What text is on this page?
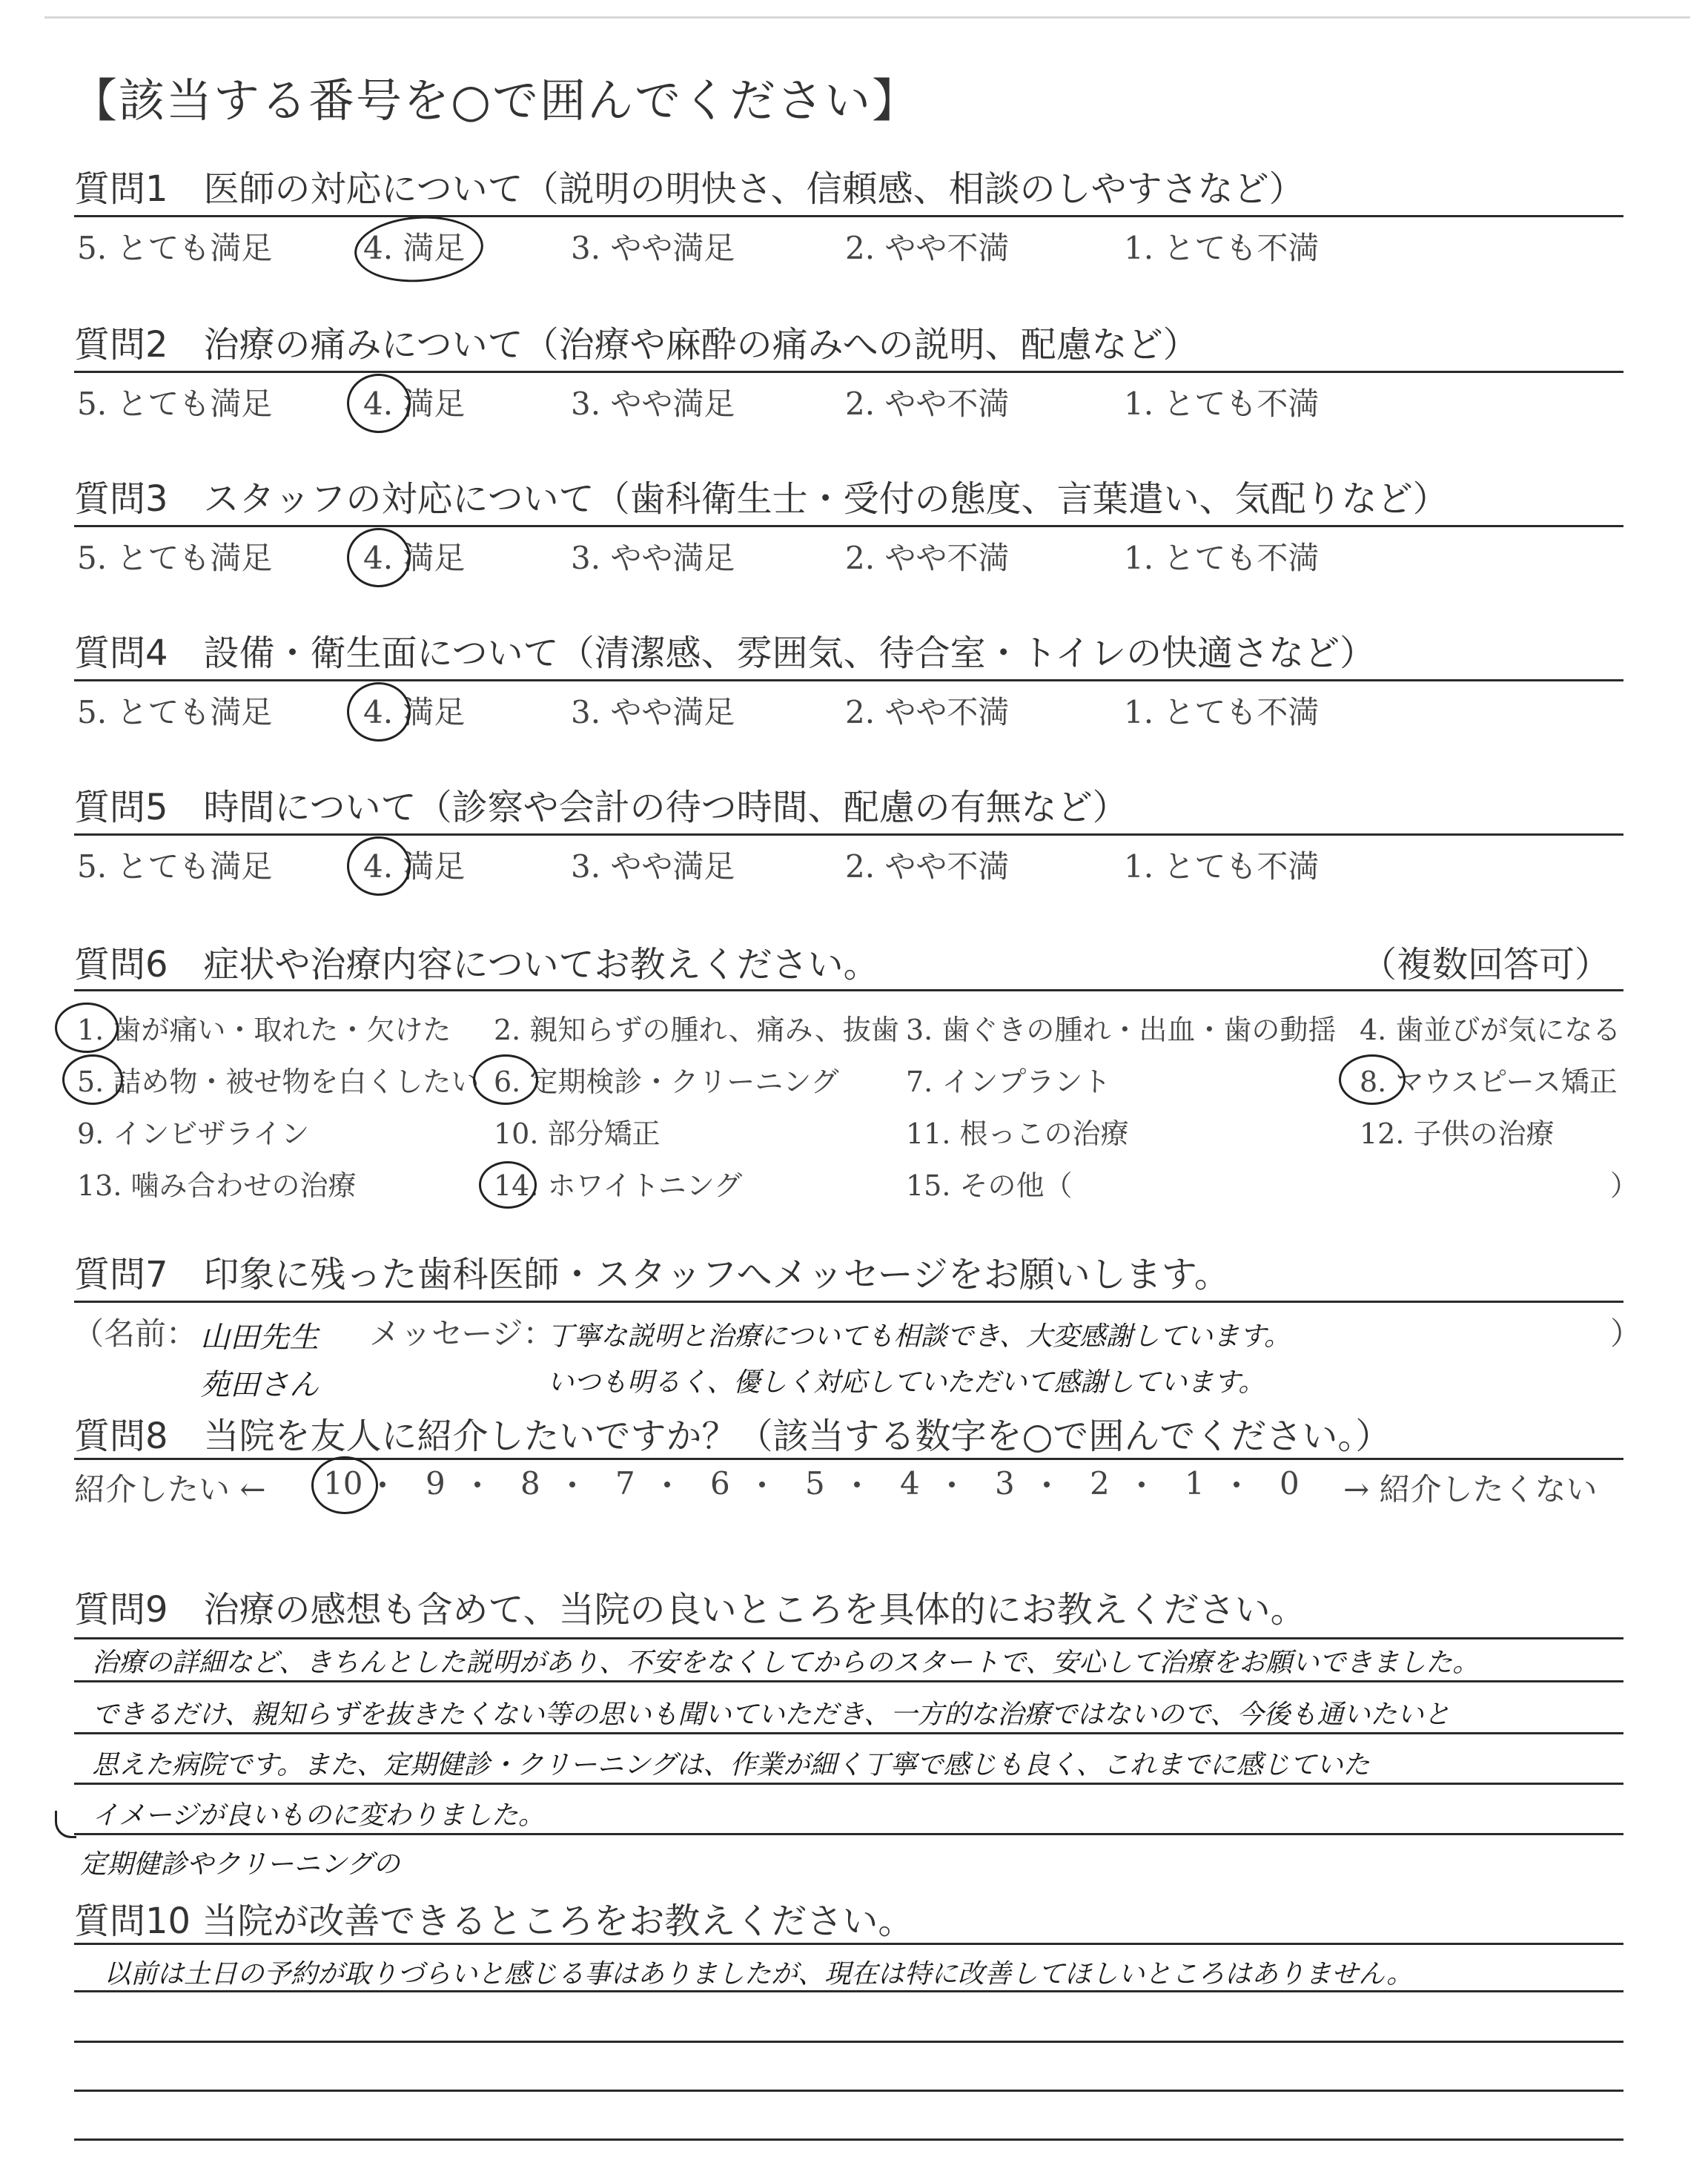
【該当する番号を○で囲んでください】
質問1　医師の対応について（説明の明快さ、信頼感、相談のしやすさなど）
5. とても満足	4. 満足	3. やや満足	2. やや不満	1. とても不満
質問2　治療の痛みについて（治療や麻酔の痛みへの説明、配慮など）
5. とても満足	4. 満足	3. やや満足	2. やや不満	1. とても不満
質問3　スタッフの対応について（歯科衛生士・受付の態度、言葉遣い、気配りなど）
5. とても満足	4. 満足	3. やや満足	2. やや不満	1. とても不満
質問4　設備・衛生面について（清潔感、雰囲気、待合室・トイレの快適さなど）
5. とても満足	4. 満足	3. やや満足	2. やや不満	1. とても不満
質問5　時間について（診察や会計の待つ時間、配慮の有無など）
5. とても満足	4. 満足	3. やや満足	2. やや不満	1. とても不満
質問6　症状や治療内容についてお教えください。	（複数回答可）
1. 歯が痛い・取れた・欠けた 2. 親知らずの腫れ、痛み、抜歯 3. 歯ぐきの腫れ・出血・歯の動揺 4. 歯並びが気になる
5. 詰め物・被せ物を白くしたい 6. 定期検診・クリーニング 7. インプラント	8. マウスピース矯正
9. インビザライン	10. 部分矯正	11. 根っこの治療	12. 子供の治療
13. 噛み合わせの治療	14. ホワイトニング	15. その他（	）
質問7　印象に残った歯科医師・スタッフへメッセージをお願いします。
（名前： 山田先生
苑田さん
メッセージ：
丁寧な説明と治療についても相談でき、大変感謝しています。
いつも明るく、優しく対応していただいて感謝しています。
）
質問8　当院を友人に紹介したいですか？（該当する数字を○で囲んでください。）
紹介したい ← 10 9 8 7 6 5 4 3 2 1 0 → 紹介したくない
質問9　治療の感想も含めて、当院の良いところを具体的にお教えください。
治療の詳細など、きちんとした説明があり、不安をなくしてからのスタートで、安心して治療をお願いできました。
できるだけ、親知らずを抜きたくない等の思いも聞いていただき、一方的な治療ではないので、今後も通いたいと
思えた病院です。また、定期健診・クリーニングは、作業が細く丁寧で感じも良く、これまでに感じていた
イメージが良いものに変わりました。
定期健診やクリーニングの
質問10 当院が改善できるところをお教えください。
以前は土日の予約が取りづらいと感じる事はありましたが、現在は特に改善してほしいところはありません。
